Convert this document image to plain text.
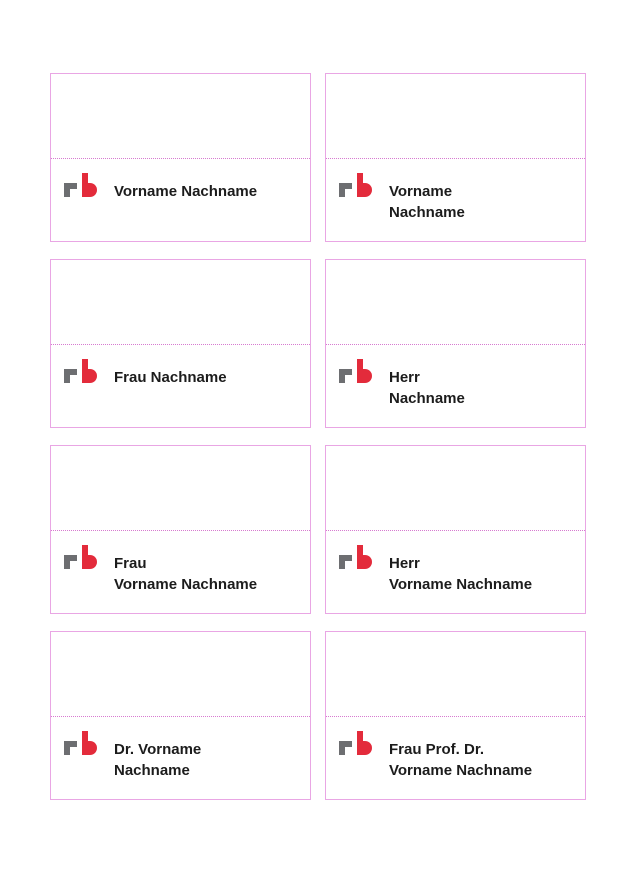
Vorname Nachname	Vorname
Nachname
Frau Nachname	Herr
Nachname
Frau
Vorname Nachname
Herr
Vorname Nachname
Dr. Vorname
Nachname
Frau Prof. Dr.
Vorname Nachname
